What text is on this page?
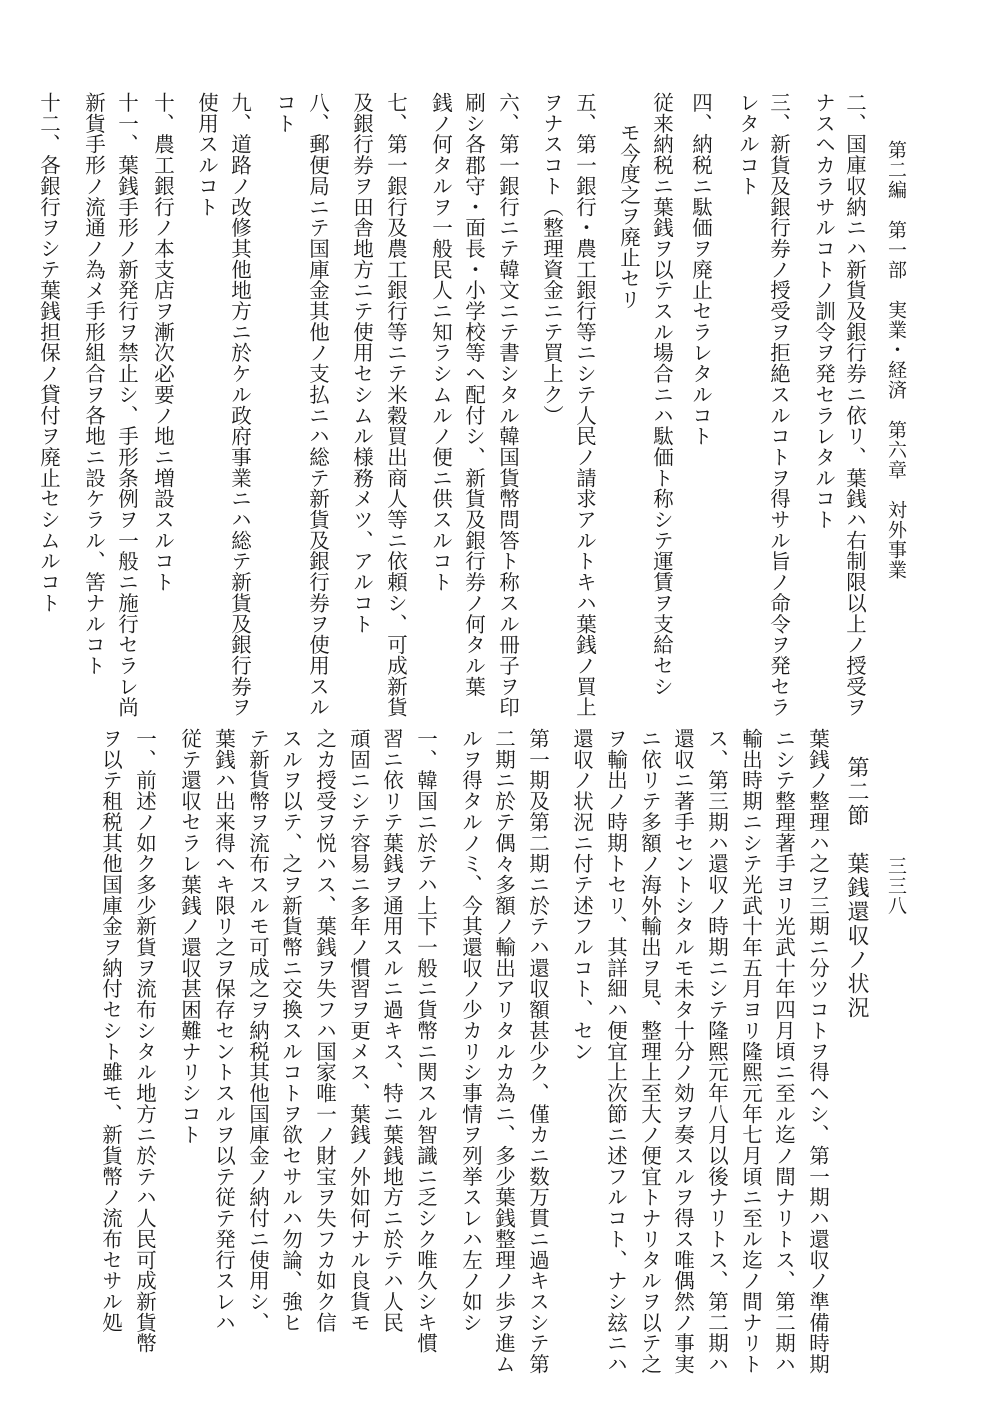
第二編　第一部　実業・経済　第六章　対外事業
三三八
二、国庫収納ニハ新貨及銀行券ニ依リ、葉銭ハ右制限以上ノ授受ヲ
ナスヘカラサルコトノ訓令ヲ発セラレタルコト
三、新貨及銀行券ノ授受ヲ拒絶スルコトヲ得サル旨ノ命令ヲ発セラ
レタルコト
四、納税ニ駄価ヲ廃止セラレタルコト
従来納税ニ葉銭ヲ以テスル場合ニハ駄価ト称シテ運賃ヲ支給セシ
モ今度之ヲ廃止セリ
五、第一銀行・農工銀行等ニシテ人民ノ請求アルトキハ葉銭ノ買上
ヲナスコト（整理資金ニテ買上ク）
六、第一銀行ニテ韓文ニテ書シタル韓国貨幣問答ト称スル冊子ヲ印
刷シ各郡守・面長・小学校等ヘ配付シ、新貨及銀行券ノ何タル葉
銭ノ何タルヲ一般民人ニ知ラシムルノ便ニ供スルコト
七、第一銀行及農工銀行等ニテ米穀買出商人等ニ依頼シ、可成新貨
及銀行券ヲ田舎地方ニテ使用セシムル様務メツ、アルコト
八、郵便局ニテ国庫金其他ノ支払ニハ総テ新貨及銀行券ヲ使用スル
コト
九、道路ノ改修其他地方ニ於ケル政府事業ニハ総テ新貨及銀行券ヲ
使用スルコト
十、農工銀行ノ本支店ヲ漸次必要ノ地ニ増設スルコト
十一、葉銭手形ノ新発行ヲ禁止シ、手形条例ヲ一般ニ施行セラレ尚
新貨手形ノ流通ノ為メ手形組合ヲ各地ニ設ケラル、筈ナルコト
十二、各銀行ヲシテ葉銭担保ノ貸付ヲ廃止セシムルコト
第二節　葉銭還収ノ状況
葉銭ノ整理ハ之ヲ三期ニ分ツコトヲ得ヘシ、第一期ハ還収ノ準備時期
ニシテ整理著手ヨリ光武十年四月頃ニ至ル迄ノ間ナリトス、第二期ハ
輸出時期ニシテ光武十年五月ヨリ隆熙元年七月頃ニ至ル迄ノ間ナリト
ス、第三期ハ還収ノ時期ニシテ隆熙元年八月以後ナリトス、第二期ハ
還収ニ著手セントシタルモ未タ十分ノ効ヲ奏スルヲ得ス唯偶然ノ事実
ニ依リテ多額ノ海外輸出ヲ見、整理上至大ノ便宜トナリタルヲ以テ之
ヲ輸出ノ時期トセリ、其詳細ハ便宜上次節ニ述フルコト、ナシ玆ニハ
還収ノ状況ニ付テ述フルコト、セン
第一期及第二期ニ於テハ還収額甚少ク、僅カニ数万貫ニ過キスシテ第
二期ニ於テ偶々多額ノ輸出アリタルカ為ニ、多少葉銭整理ノ歩ヲ進ム
ルヲ得タルノミ、今其還収ノ少カリシ事情ヲ列挙スレハ左ノ如シ
一、韓国ニ於テハ上下一般ニ貨幣ニ関スル智識ニ乏シク唯久シキ慣
習ニ依リテ葉銭ヲ通用スルニ過キス、特ニ葉銭地方ニ於テハ人民
頑固ニシテ容易ニ多年ノ慣習ヲ更メス、葉銭ノ外如何ナル良貨モ
之カ授受ヲ悦ハス、葉銭ヲ失フハ国家唯一ノ財宝ヲ失フカ如ク信
スルヲ以テ、之ヲ新貨幣ニ交換スルコトヲ欲セサルハ勿論、強ヒ
テ新貨幣ヲ流布スルモ可成之ヲ納税其他国庫金ノ納付ニ使用シ、
葉銭ハ出来得ヘキ限リ之ヲ保存セントスルヲ以テ従テ発行スレハ
従テ還収セラレ葉銭ノ還収甚困難ナリシコト
一、前述ノ如ク多少新貨ヲ流布シタル地方ニ於テハ人民可成新貨幣
ヲ以テ租税其他国庫金ヲ納付セシト雖モ、新貨幣ノ流布セサル処
